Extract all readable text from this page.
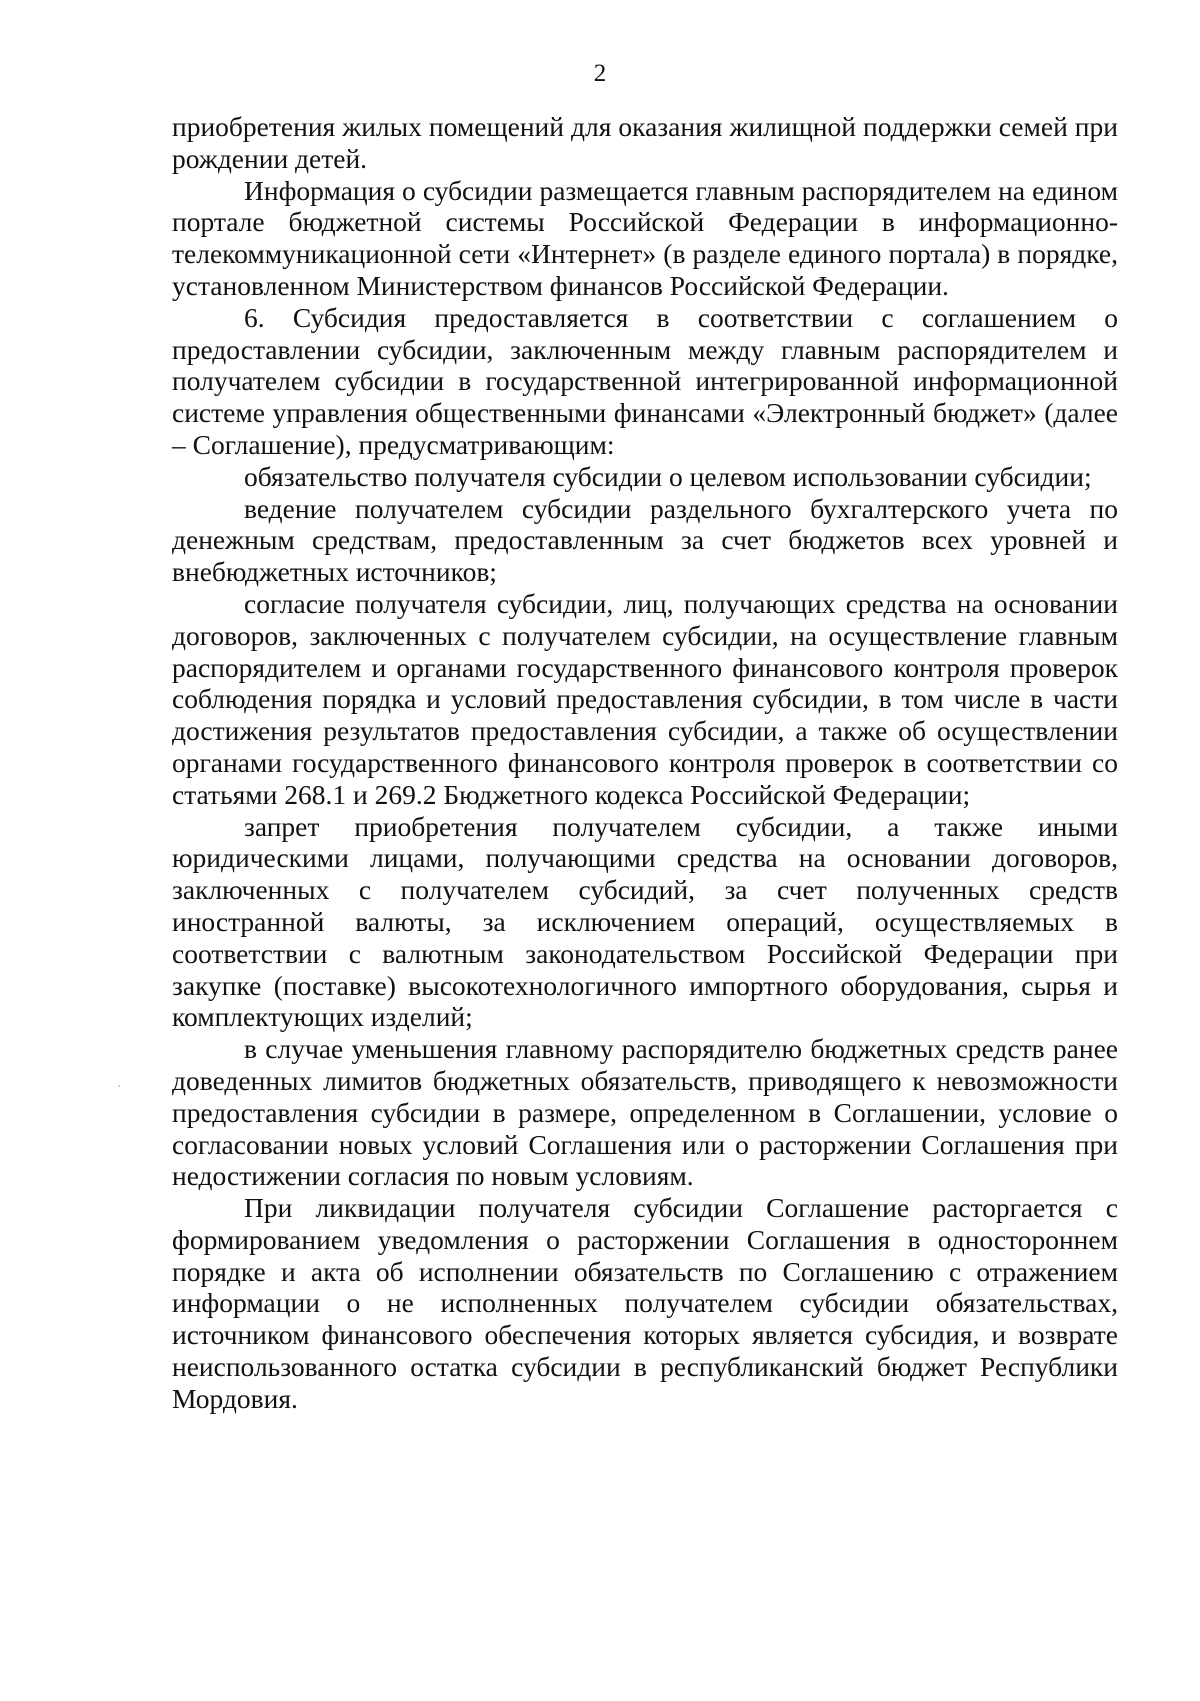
2

приобретения жилых помещений для оказания жилищной поддержки семей при рождении детей.

Информация о субсидии размещается главным распорядителем на едином портале бюджетной системы Российской Федерации в информационно-телекоммуникационной сети «Интернет» (в разделе единого портала) в порядке, установленном Министерством финансов Российской Федерации.

6. Субсидия предоставляется в соответствии с соглашением о предоставлении субсидии, заключенным между главным распорядителем и получателем субсидии в государственной интегрированной информационной системе управления общественными финансами «Электронный бюджет» (далее – Соглашение), предусматривающим:

обязательство получателя субсидии о целевом использовании субсидии;

ведение получателем субсидии раздельного бухгалтерского учета по денежным средствам, предоставленным за счет бюджетов всех уровней и внебюджетных источников;

согласие получателя субсидии, лиц, получающих средства на основании договоров, заключенных с получателем субсидии, на осуществление главным распорядителем и органами государственного финансового контроля проверок соблюдения порядка и условий предоставления субсидии, в том числе в части достижения результатов предоставления субсидии, а также об осуществлении органами государственного финансового контроля проверок в соответствии со статьями 268.1 и 269.2 Бюджетного кодекса Российской Федерации;

запрет приобретения получателем субсидии, а также иными юридическими лицами, получающими средства на основании договоров, заключенных с получателем субсидий, за счет полученных средств иностранной валюты, за исключением операций, осуществляемых в соответствии с валютным законодательством Российской Федерации при закупке (поставке) высокотехнологичного импортного оборудования, сырья и комплектующих изделий;

в случае уменьшения главному распорядителю бюджетных средств ранее доведенных лимитов бюджетных обязательств, приводящего к невозможности предоставления субсидии в размере, определенном в Соглашении, условие о согласовании новых условий Соглашения или о расторжении Соглашения при недостижении согласия по новым условиям.

При ликвидации получателя субсидии Соглашение расторгается с формированием уведомления о расторжении Соглашения в одностороннем порядке и акта об исполнении обязательств по Соглашению с отражением информации о не исполненных получателем субсидии обязательствах, источником финансового обеспечения которых является субсидия, и возврате неиспользованного остатка субсидии в республиканский бюджет Республики Мордовия.
